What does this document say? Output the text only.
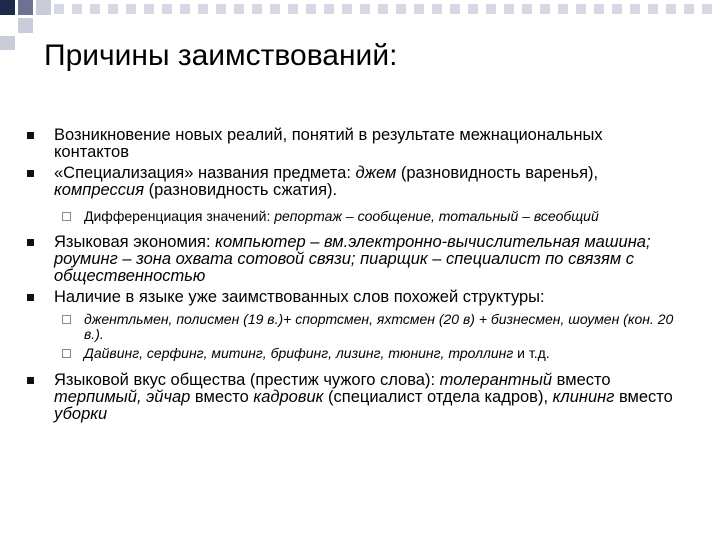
Причины заимствований:
Возникновение новых реалий, понятий в результате межнациональных контактов
«Специализация» названия предмета: джем (разновидность варенья), компрессия (разновидность сжатия).
Дифференциация значений: репортаж – сообщение, тотальный – всеобщий
Языковая экономия: компьютер – вм.электронно-вычислительная машина; роуминг – зона охвата сотовой связи; пиарщик – специалист по связям с общественностью
Наличие в языке уже заимствованных слов похожей структуры:
джентльмен, полисмен (19 в.)+ спортсмен, яхтсмен (20 в) + бизнесмен, шоумен (кон. 20 в.).
Дайвинг, серфинг, митинг, брифинг, лизинг, тюнинг, троллинг и т.д.
Языковой вкус общества (престиж чужого слова): толерантный вместо терпимый, эйчар вместо кадровик (специалист отдела кадров), клининг вместо уборки
